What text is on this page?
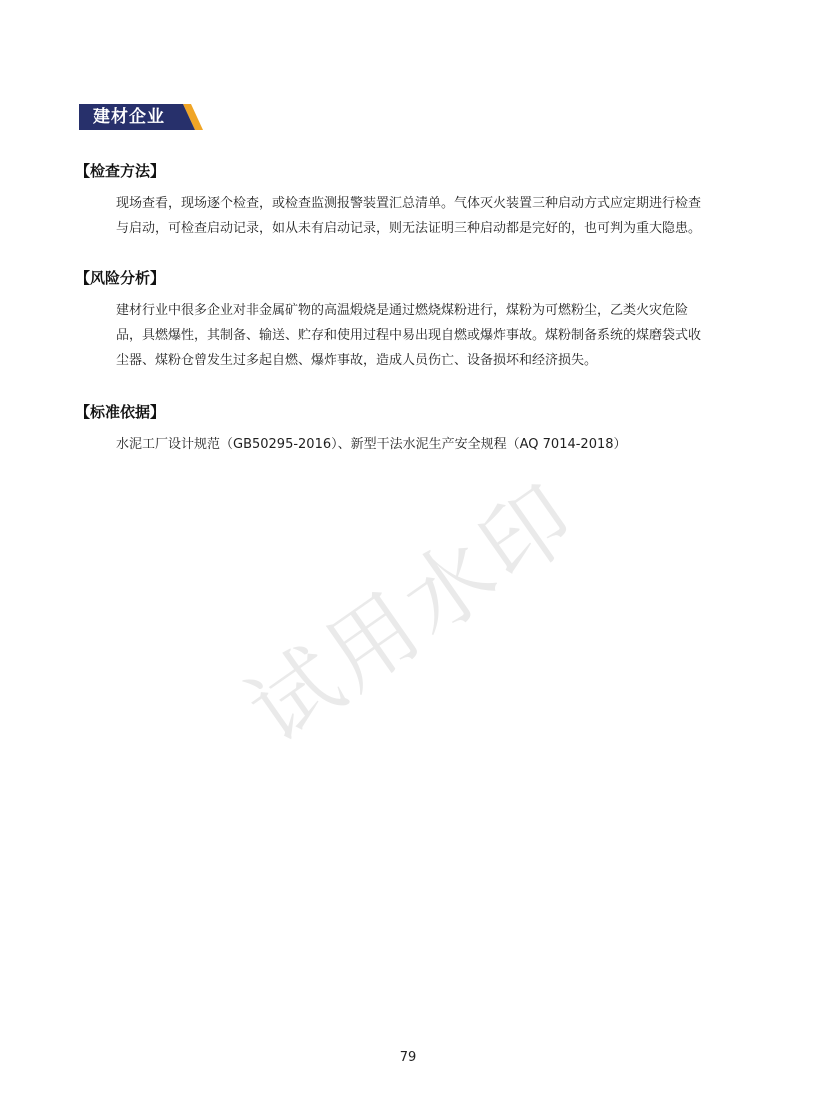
建材企业
【检查方法】
现场查看，现场逐个检查，或检查监测报警装置汇总清单。气体灭火装置三种启动方式应定期进行检查
与启动，可检查启动记录，如从未有启动记录，则无法证明三种启动都是完好的，也可判为重大隐患。
【风险分析】
建材行业中很多企业对非金属矿物的高温煅烧是通过燃烧煤粉进行，煤粉为可燃粉尘，乙类火灾危险
品，具燃爆性，其制备、输送、贮存和使用过程中易出现自燃或爆炸事故。煤粉制备系统的煤磨袋式收
尘器、煤粉仓曾发生过多起自燃、爆炸事故，造成人员伤亡、设备损坏和经济损失。
【标准依据】
水泥工厂设计规范（GB50295-2016）、新型干法水泥生产安全规程（AQ 7014-2018）
试用水印
79
